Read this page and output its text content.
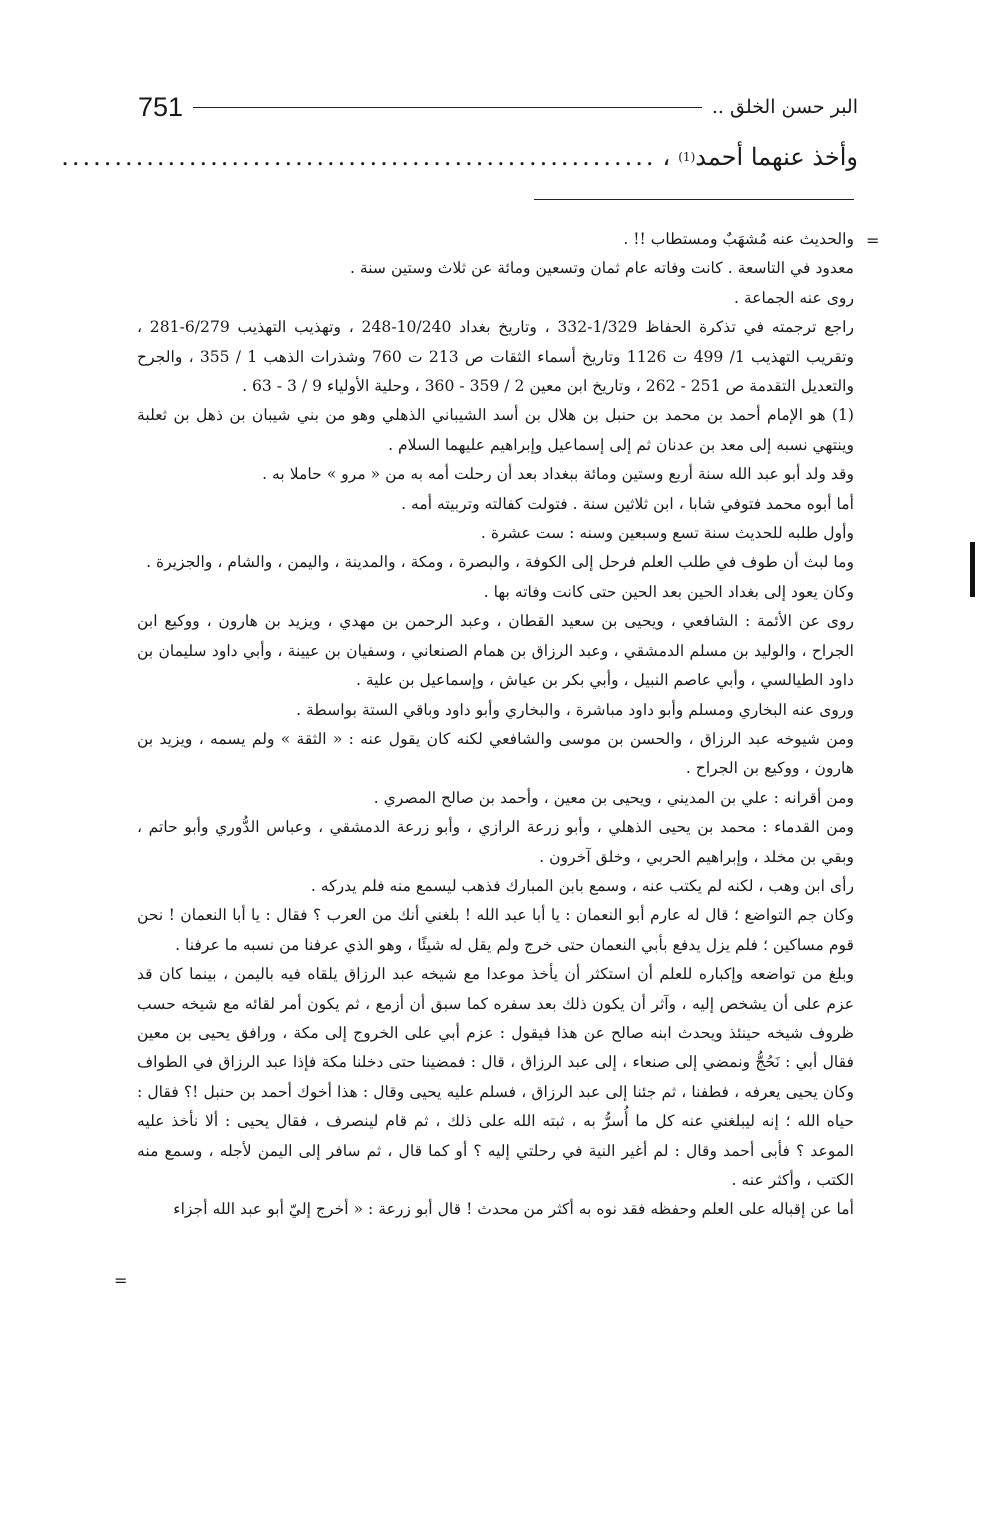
751	البر حسن الخلق ..
وأخذ عنهما أحمد
(1)
،
........................................................
=

والحديث عنه مُشهَبٌ ومستطاب !! .

معدود في التاسعة . كانت وفاته عام ثمان وتسعين ومائة عن ثلاث وستين سنة .

روى عنه الجماعة .

راجع ترجمته في تذكرة الحفاظ 1/329-332 ، وتاريخ بغداد 10/240-248 ، وتهذيب التهذيب 6/279-281 ، وتقريب التهذيب 1/ 499 ت 1126 وتاريخ أسماء الثقات ص 213 ت 760 وشذرات الذهب 1 / 355 ، والجرح والتعديل التقدمة ص 251 - 262 ، وتاريخ ابن معين 2 / 359 - 360 ، وحلية الأولياء 9 / 3 - 63 .

(1) هو الإمام أحمد بن محمد بن حنبل بن هلال بن أسد الشيباني الذهلي وهو من بني شيبان بن ذهل بن ثعلبة وينتهي نسبه إلى معد بن عدنان ثم إلى إسماعيل وإبراهيم عليهما السلام .

وقد ولد أبو عبد الله سنة أربع وستين ومائة ببغداد بعد أن رحلت أمه به من « مرو » حاملا به .

أما أبوه محمد فتوفي شابا ، ابن ثلاثين سنة . فتولت كفالته وتربيته أمه .

وأول طلبه للحديث سنة تسع وسبعين وسنه : ست عشرة .

وما لبث أن طوف في طلب العلم فرحل إلى الكوفة ، والبصرة ، ومكة ، والمدينة ، واليمن ، والشام ، والجزيرة .

وكان يعود إلى بغداد الحين بعد الحين حتى كانت وفاته بها .

روى عن الأئمة : الشافعي ، ويحيى بن سعيد القطان ، وعبد الرحمن بن مهدي ، ويزيد بن هارون ، ووكيع ابن الجراح ، والوليد بن مسلم الدمشقي ، وعبد الرزاق بن همام الصنعاني ، وسفيان بن عيينة ، وأبي داود سليمان بن داود الطيالسي ، وأبي عاصم النبيل ، وأبي بكر بن عياش ، وإسماعيل بن علية .

وروى عنه البخاري ومسلم وأبو داود مباشرة ، والبخاري وأبو داود وباقي الستة بواسطة .

ومن شيوخه عبد الرزاق ، والحسن بن موسى والشافعي لكنه كان يقول عنه : « الثقة » ولم يسمه ، ويزيد بن هارون ، ووكيع بن الجراح .

ومن أقرانه : علي بن المديني ، ويحيى بن معين ، وأحمد بن صالح المصري .

ومن القدماء : محمد بن يحيى الذهلي ، وأبو زرعة الرازي ، وأبو زرعة الدمشقي ، وعباس الدُّوري وأبو حاتم ، وبقي بن مخلد ، وإبراهيم الحربي ، وخلق آخرون .

رأى ابن وهب ، لكنه لم يكتب عنه ، وسمع بابن المبارك فذهب ليسمع منه فلم يدركه .

وكان جم التواضع ؛ قال له عارم أبو النعمان : يا أبا عبد الله ! بلغني أنك من العرب ؟ فقال : يا أبا النعمان ! نحن قوم مساكين ؛ فلم يزل يدفع بأبي النعمان حتى خرج ولم يقل له شيئًا ، وهو الذي عرفنا من نسبه ما عرفنا .

وبلغ من تواضعه وإكباره للعلم أن استكثر أن يأخذ موعدا مع شيخه عبد الرزاق يلقاه فيه باليمن ، بينما كان قد عزم على أن يشخص إليه ، وآثر أن يكون ذلك بعد سفره كما سبق أن أزمع ، ثم يكون أمر لقائه مع شيخه حسب ظروف شيخه حينئذ ويحدث ابنه صالح عن هذا فيقول : عزم أبي على الخروج إلى مكة ، ورافق يحيى بن معين فقال أبي : نَحُجُّ ونمضي إلى صنعاء ، إلى عبد الرزاق ، قال : فمضينا حتى دخلنا مكة فإذا عبد الرزاق في الطواف وكان يحيى يعرفه ، فطفنا ، ثم جئنا إلى عبد الرزاق ، فسلم عليه يحيى وقال : هذا أخوك أحمد بن حنبل !؟ فقال : حياه الله ؛ إنه ليبلغني عنه كل ما أُسرُّ به ، ثبته الله على ذلك ، ثم قام لينصرف ، فقال يحيى : ألا نأخذ عليه الموعد ؟ فأبى أحمد وقال : لم أغير النية في رحلتي إليه ؟ أو كما قال ، ثم سافر إلى اليمن لأجله ، وسمع منه الكتب ، وأكثر عنه .

أما عن إقباله على العلم وحفظه فقد نوه به أكثر من محدث ! قال أبو زرعة : « أخرج إليّ أبو عبد الله أجزاء

=
